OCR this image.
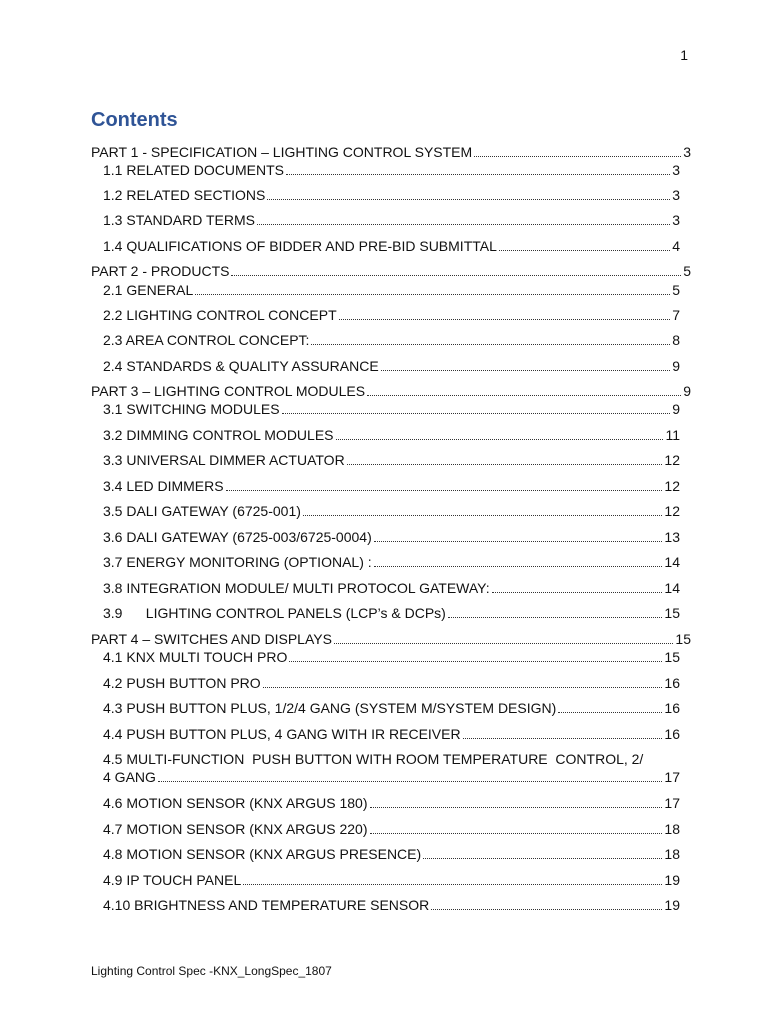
1
Contents
PART 1 - SPECIFICATION – LIGHTING CONTROL SYSTEM	3
1.1 RELATED DOCUMENTS	3
1.2 RELATED SECTIONS	3
1.3 STANDARD TERMS	3
1.4 QUALIFICATIONS OF BIDDER AND PRE-BID SUBMITTAL	4
PART 2 - PRODUCTS	5
2.1 GENERAL	5
2.2 LIGHTING CONTROL CONCEPT	7
2.3 AREA CONTROL CONCEPT:	8
2.4 STANDARDS & QUALITY ASSURANCE	9
PART 3 – LIGHTING CONTROL MODULES	9
3.1 SWITCHING MODULES	9
3.2 DIMMING CONTROL MODULES	11
3.3 UNIVERSAL DIMMER ACTUATOR	12
3.4 LED DIMMERS	12
3.5 DALI GATEWAY (6725-001)	12
3.6 DALI GATEWAY (6725-003/6725-0004)	13
3.7 ENERGY MONITORING (OPTIONAL) :	14
3.8 INTEGRATION MODULE/ MULTI PROTOCOL GATEWAY:	14
3.9      LIGHTING CONTROL PANELS (LCP’s & DCPs)	15
PART 4 – SWITCHES AND DISPLAYS	15
4.1 KNX MULTI TOUCH PRO	15
4.2 PUSH BUTTON PRO	16
4.3 PUSH BUTTON PLUS, 1/2/4 GANG (SYSTEM M/SYSTEM DESIGN)	16
4.4 PUSH BUTTON PLUS, 4 GANG WITH IR RECEIVER	16
4.5 MULTI-FUNCTION  PUSH BUTTON WITH ROOM TEMPERATURE  CONTROL, 2/
4 GANG	17
4.6 MOTION SENSOR (KNX ARGUS 180)	17
4.7 MOTION SENSOR (KNX ARGUS 220)	18
4.8 MOTION SENSOR (KNX ARGUS PRESENCE)	18
4.9 IP TOUCH PANEL	19
4.10 BRIGHTNESS AND TEMPERATURE SENSOR	19
Lighting Control Spec -KNX_LongSpec_1807
